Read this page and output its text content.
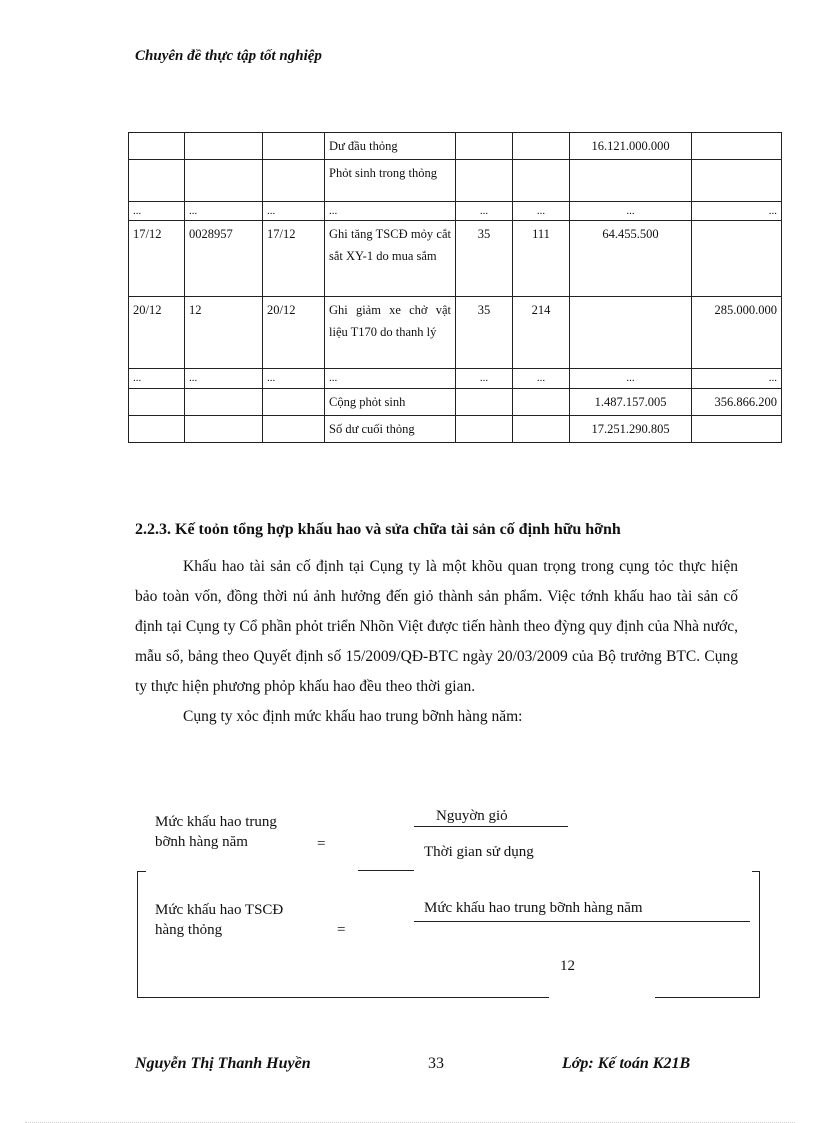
Chuyên đề thực tập tốt nghiệp
			Dư đầu thỏng			16.121.000.000	
			Phỏt sinh trong thỏng				
...	...	...	...	...	...	...	...
17/12	0028957	17/12	Ghi tăng TSCĐ mỏy cắt sắt XY-1 do mua sắm	35	111	64.455.500	
20/12	12	20/12	Ghi giảm xe chở vật liệu T170 do thanh lý	35	214		285.000.000
...	...	...	...	...	...	...	...
			Cộng phỏt sinh			1.487.157.005	356.866.200
			Số dư cuối thỏng			17.251.290.805	
2.2.3. Kế toỏn tổng hợp khấu hao và sửa chữa tài sản cố định hữu hỡnh

Khấu hao tài sản cố định tại Cụng ty là một khõu quan trọng trong cụng tỏc thực hiện bảo toàn vốn, đồng thời nú ảnh hưởng đến giỏ thành sản phẩm. Việc tớnh khấu hao tài sản cố định tại Cụng ty Cổ phần phỏt triển Nhõn Việt được tiến hành theo đỳng quy định của Nhà nước, mẫu sổ, bảng theo Quyết định số 15/2009/QĐ-BTC ngày 20/03/2009 của Bộ trưởng BTC. Cụng ty thực hiện phương phỏp khấu hao đều theo thời gian.

Cụng ty xỏc định mức khấu hao trung bỡnh hàng năm:

Mức khấu hao trung bỡnh hàng năm	=
Nguyờn giỏ
Thời gian sử dụng
Mức khấu hao TSCĐ hàng thỏng	=
Mức khấu hao trung bỡnh hàng năm
12
Nguyễn Thị Thanh Huyền	33	Lớp: Kế toán K21B
